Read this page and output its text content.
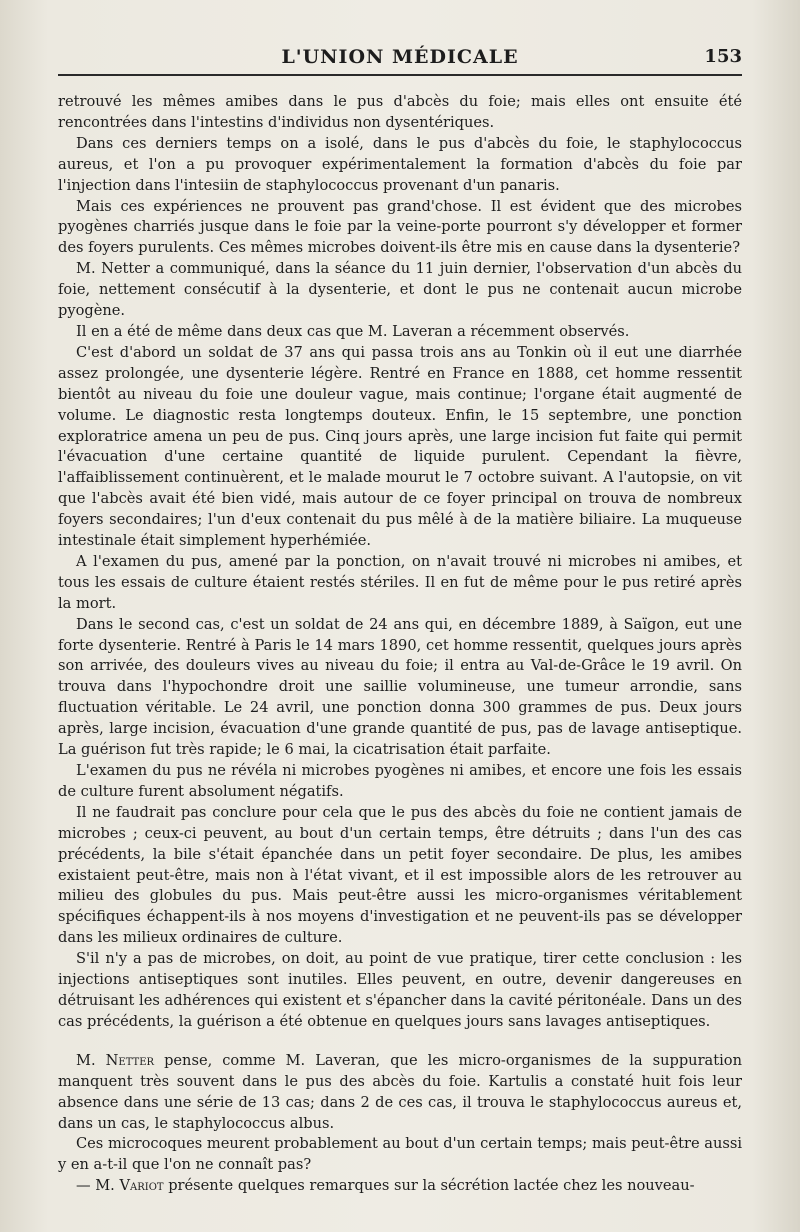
L'UNION MÉDICALE	153

retrouvé les mêmes amibes dans le pus d'abcès du foie; mais elles ont ensuite été rencontrées dans l'intestins d'individus non dysentériques.

Dans ces derniers temps on a isolé, dans le pus d'abcès du foie, le staphylococcus aureus, et l'on a pu provoquer expérimentalement la formation d'abcès du foie par l'injection dans l'intesiin de staphylococcus provenant d'un panaris.

Mais ces expériences ne prouvent pas grand'chose. Il est évident que des microbes pyogènes charriés jusque dans le foie par la veine-porte pourront s'y développer et former des foyers purulents. Ces mêmes microbes doivent-ils être mis en cause dans la dysenterie?

M. Netter a communiqué, dans la séance du 11 juin dernier, l'observation d'un abcès du foie, nettement consécutif à la dysenterie, et dont le pus ne contenait aucun microbe pyogène.

Il en a été de même dans deux cas que M. Laveran a récemment observés.

C'est d'abord un soldat de 37 ans qui passa trois ans au Tonkin où il eut une diarrhée assez prolongée, une dysenterie légère. Rentré en France en 1888, cet homme ressentit bientôt au niveau du foie une douleur vague, mais continue; l'organe était augmenté de volume. Le diagnostic resta longtemps douteux. Enfin, le 15 septembre, une ponction exploratrice amena un peu de pus. Cinq jours après, une large incision fut faite qui permit l'évacuation d'une certaine quantité de liquide purulent. Cependant la fièvre, l'affaiblissement continuèrent, et le malade mourut le 7 octobre suivant. A l'autopsie, on vit que l'abcès avait été bien vidé, mais autour de ce foyer principal on trouva de nombreux foyers secondaires; l'un d'eux contenait du pus mêlé à de la matière biliaire. La muqueuse intestinale était simplement hyperhémiée.

A l'examen du pus, amené par la ponction, on n'avait trouvé ni microbes ni amibes, et tous les essais de culture étaient restés stériles. Il en fut de même pour le pus retiré après la mort.

Dans le second cas, c'est un soldat de 24 ans qui, en décembre 1889, à Saïgon, eut une forte dysenterie. Rentré à Paris le 14 mars 1890, cet homme ressentit, quelques jours après son arrivée, des douleurs vives au niveau du foie; il entra au Val-de-Grâce le 19 avril. On trouva dans l'hypochondre droit une saillie volumineuse, une tumeur arrondie, sans fluctuation véritable. Le 24 avril, une ponction donna 300 grammes de pus. Deux jours après, large incision, évacuation d'une grande quantité de pus, pas de lavage antiseptique. La guérison fut très rapide; le 6 mai, la cicatrisation était parfaite.

L'examen du pus ne révéla ni microbes pyogènes ni amibes, et encore une fois les essais de culture furent absolument négatifs.

Il ne faudrait pas conclure pour cela que le pus des abcès du foie ne contient jamais de microbes ; ceux-ci peuvent, au bout d'un certain temps, être détruits ; dans l'un des cas précédents, la bile s'était épanchée dans un petit foyer secondaire. De plus, les amibes existaient peut-être, mais non à l'état vivant, et il est impossible alors de les retrouver au milieu des globules du pus. Mais peut-être aussi les micro-organismes véritablement spécifiques échappent-ils à nos moyens d'investigation et ne peuvent-ils pas se développer dans les milieux ordinaires de culture.

S'il n'y a pas de microbes, on doit, au point de vue pratique, tirer cette conclusion : les injections antiseptiques sont inutiles. Elles peuvent, en outre, devenir dangereuses en détruisant les adhérences qui existent et s'épancher dans la cavité péritonéale. Dans un des cas précédents, la guérison a été obtenue en quelques jours sans lavages antiseptiques.

M. Netter pense, comme M. Laveran, que les micro-organismes de la suppuration manquent très souvent dans le pus des abcès du foie. Kartulis a constaté huit fois leur absence dans une série de 13 cas; dans 2 de ces cas, il trouva le staphylococcus aureus et, dans un cas, le staphylococcus albus.

Ces microcoques meurent probablement au bout d'un certain temps; mais peut-être aussi y en a-t-il que l'on ne connaît pas?

— M. Variot présente quelques remarques sur la sécrétion lactée chez les nouveau-
